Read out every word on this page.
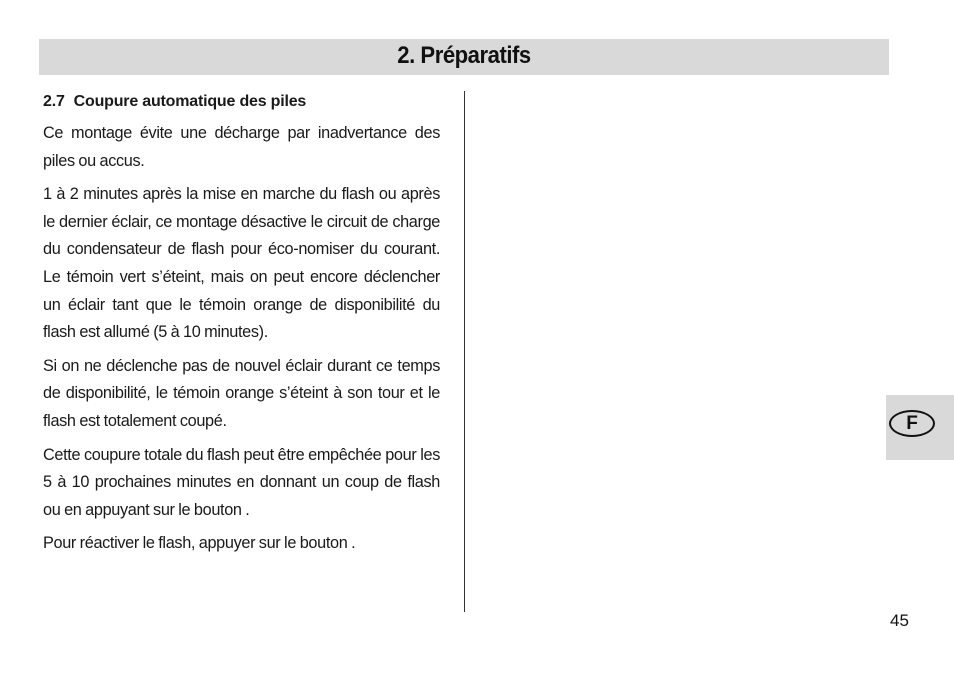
2. Préparatifs
2.7 Coupure automatique des piles

Ce montage évite une décharge par inadvertance des piles ou accus.

1 à 2 minutes après la mise en marche du flash ou après le dernier éclair, ce montage désactive le circuit de charge du condensateur de flash pour éco-nomiser du courant. Le témoin vert s’éteint, mais on peut encore déclencher un éclair tant que le témoin orange de disponibilité du flash est allumé (5 à 10 minutes).

Si on ne déclenche pas de nouvel éclair durant ce temps de disponibilité, le témoin orange s’éteint à son tour et le flash est totalement coupé.

Cette coupure totale du flash peut être empêchée pour les 5 à 10 prochaines minutes en donnant un coup de flash ou en appuyant sur le bouton .

Pour réactiver le flash, appuyer sur le bouton .

F
45
